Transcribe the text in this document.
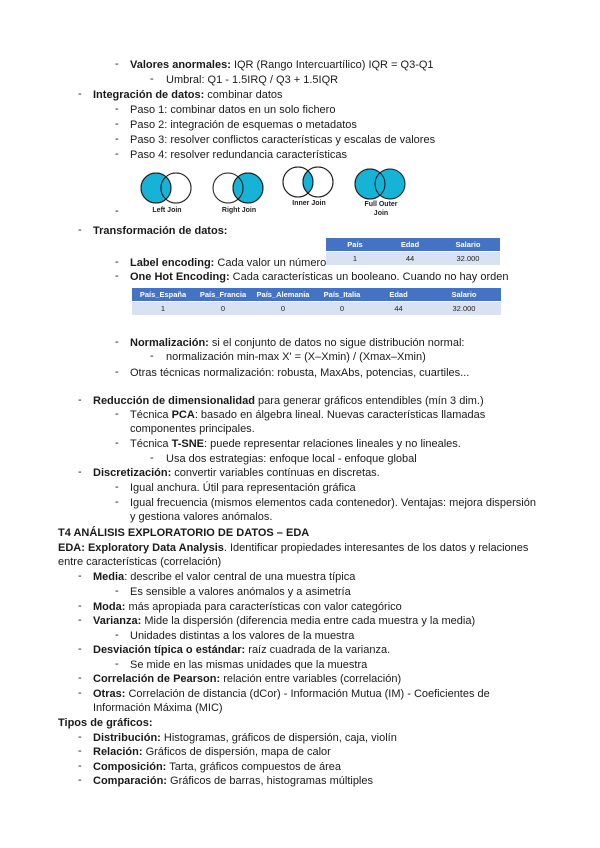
- Valores anormales: IQR (Rango Intercuartílico) IQR = Q3-Q1
- Umbral: Q1 - 1.5IRQ / Q3 + 1.5IQR
- Integración de datos: combinar datos
- Paso 1: combinar datos en un solo fichero
- Paso 2: integración de esquemas o metadatos
- Paso 3: resolver conflictos características y escalas de valores
- Paso 4: resolver redundancia características
Left Join	Right Join
Inner Join	Full Outer
Join
-
- Transformación de datos:
País	Edad	Salario
1	44	32.000
- Label encoding: Cada valor un número
- One Hot Encoding: Cada características un booleano. Cuando no hay orden
País_España	País_Francia	País_Alemania	País_Italia	Edad	Salario
1	0	0	0	44	32.000
- Normalización: si el conjunto de datos no sigue distribución normal:
- normalización min-max X' = (X–Xmin) / (Xmax–Xmin)
- Otras técnicas normalización: robusta, MaxAbs, potencias, cuartiles...
- Reducción de dimensionalidad para generar gráficos entendibles (mín 3 dim.)
- Técnica PCA: basado en álgebra lineal. Nuevas características llamadas
componentes principales.
- Técnica T-SNE: puede representar relaciones lineales y no lineales.
- Usa dos estrategias: enfoque local - enfoque global
- Discretización: convertir variables contínuas en discretas.
- Igual anchura. Útil para representación gráfica
- Igual frecuencia (mismos elementos cada contenedor). Ventajas: mejora dispersión
y gestiona valores anómalos.
T4 ANÁLISIS EXPLORATORIO DE DATOS – EDA
EDA: Exploratory Data Analysis. Identificar propiedades interesantes de los datos y relaciones
entre características (correlación)
- Media: describe el valor central de una muestra típica
- Es sensible a valores anómalos y a asimetría
- Moda: más apropiada para características con valor categórico
- Varianza: Mide la dispersión (diferencia media entre cada muestra y la media)
- Unidades distintas a los valores de la muestra
- Desviación típica o estándar: raíz cuadrada de la varianza.
- Se mide en las mismas unidades que la muestra
- Correlación de Pearson: relación entre variables (correlación)
- Otras: Correlación de distancia (dCor) - Información Mutua (IM) - Coeficientes de
Información Máxima (MIC)
Tipos de gráficos:
- Distribución: Histogramas, gráficos de dispersión, caja, violín
- Relación: Gráficos de dispersión, mapa de calor
- Composición: Tarta, gráficos compuestos de área
- Comparación: Gráficos de barras, histogramas múltiples
